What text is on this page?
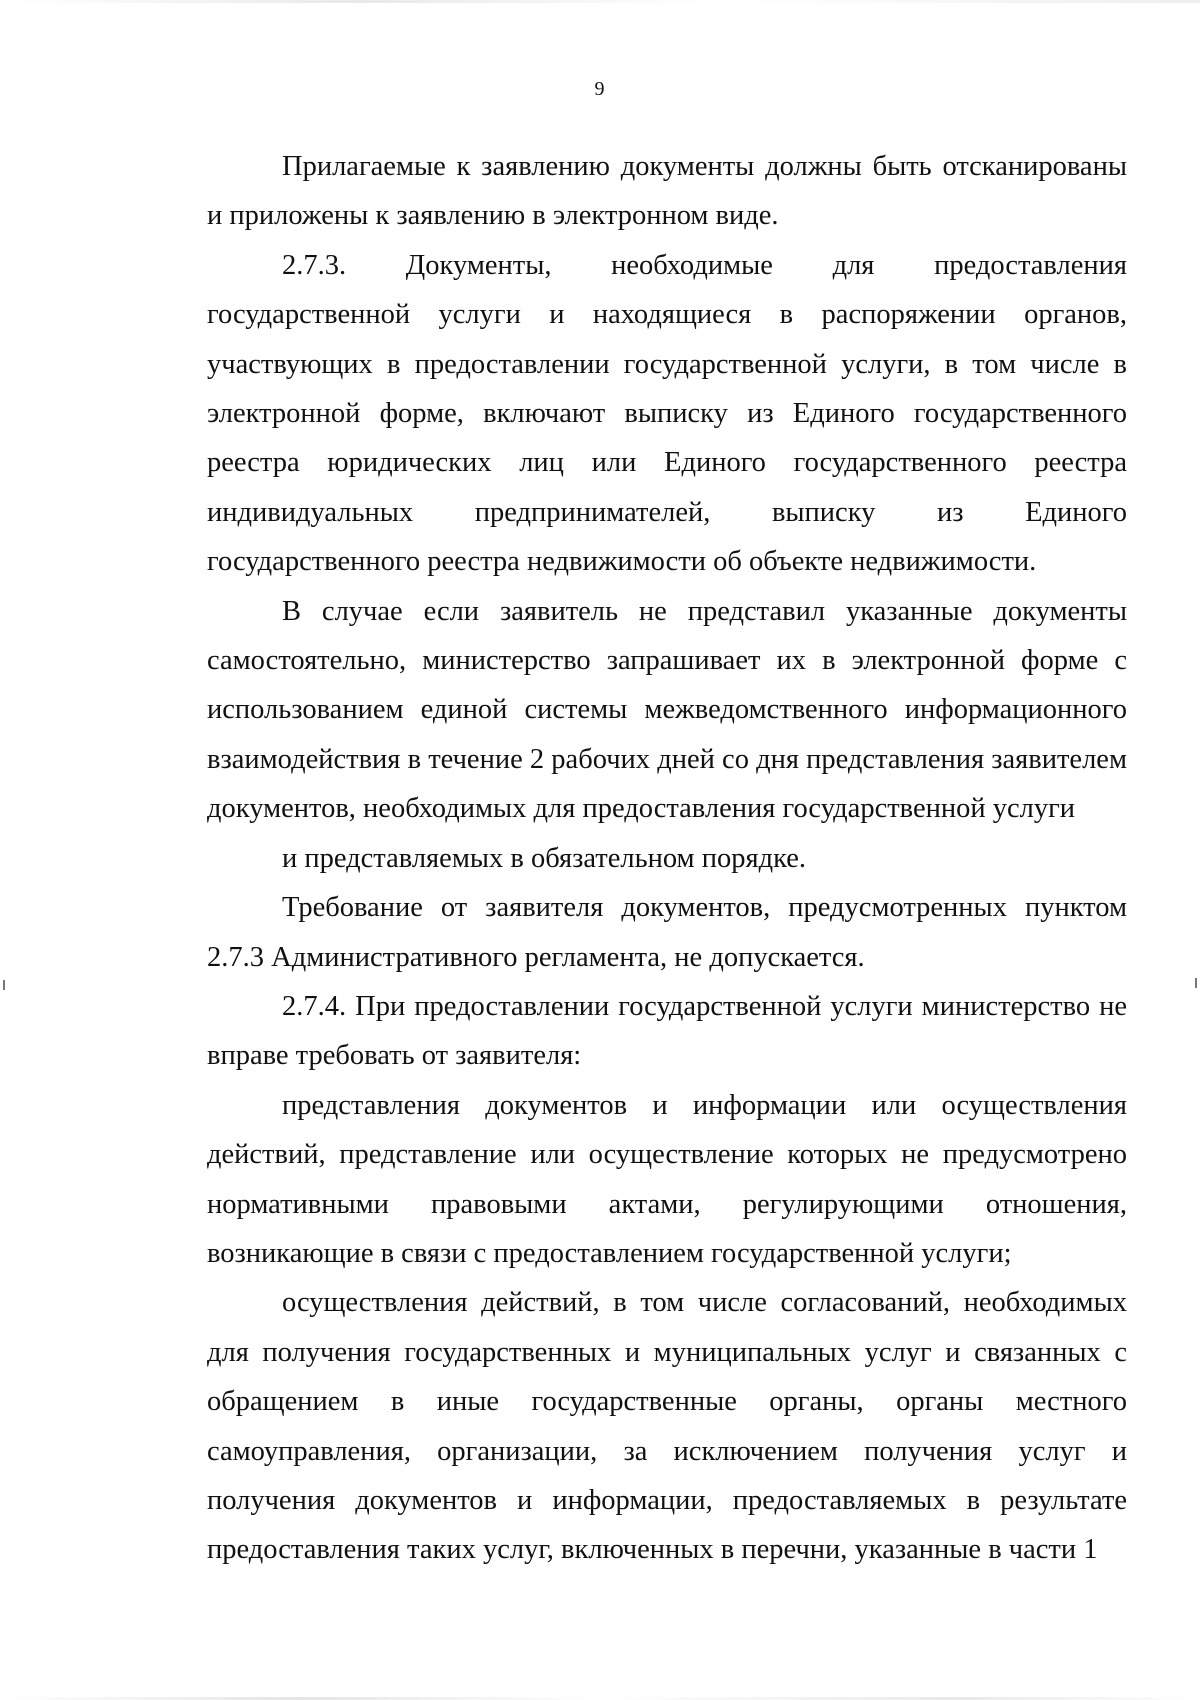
9

Прилагаемые к заявлению документы должны быть отсканированы и приложены к заявлению в электронном виде.

2.7.3. Документы, необходимые для предоставления государственной услуги и находящиеся в распоряжении органов, участвующих в предоставлении государственной услуги, в том числе в электронной форме, включают выписку из Единого государственного реестра юридических лиц или Единого государственного реестра индивидуальных предпринимателей, выписку из Единого государственного реестра недвижимости об объекте недвижимости.

В случае если заявитель не представил указанные документы самостоятельно, министерство запрашивает их в электронной форме с использованием единой системы межведомственного информационного взаимодействия в течение 2 рабочих дней со дня представления заявителем документов, необходимых для предоставления государственной услуги

и представляемых в обязательном порядке.

Требование от заявителя документов, предусмотренных пунктом 2.7.3 Административного регламента, не допускается.

2.7.4. При предоставлении государственной услуги министерство не вправе требовать от заявителя:

представления документов и информации или осуществления действий, представление или осуществление которых не предусмотрено нормативными правовыми актами, регулирующими отношения, возникающие в связи с предоставлением государственной услуги;

осуществления действий, в том числе согласований, необходимых для получения государственных и муниципальных услуг и связанных с обращением в иные государственные органы, органы местного самоуправления, организации, за исключением получения услуг и получения документов и информации, предоставляемых в результате предоставления таких услуг, включенных в перечни, указанные в части 1
